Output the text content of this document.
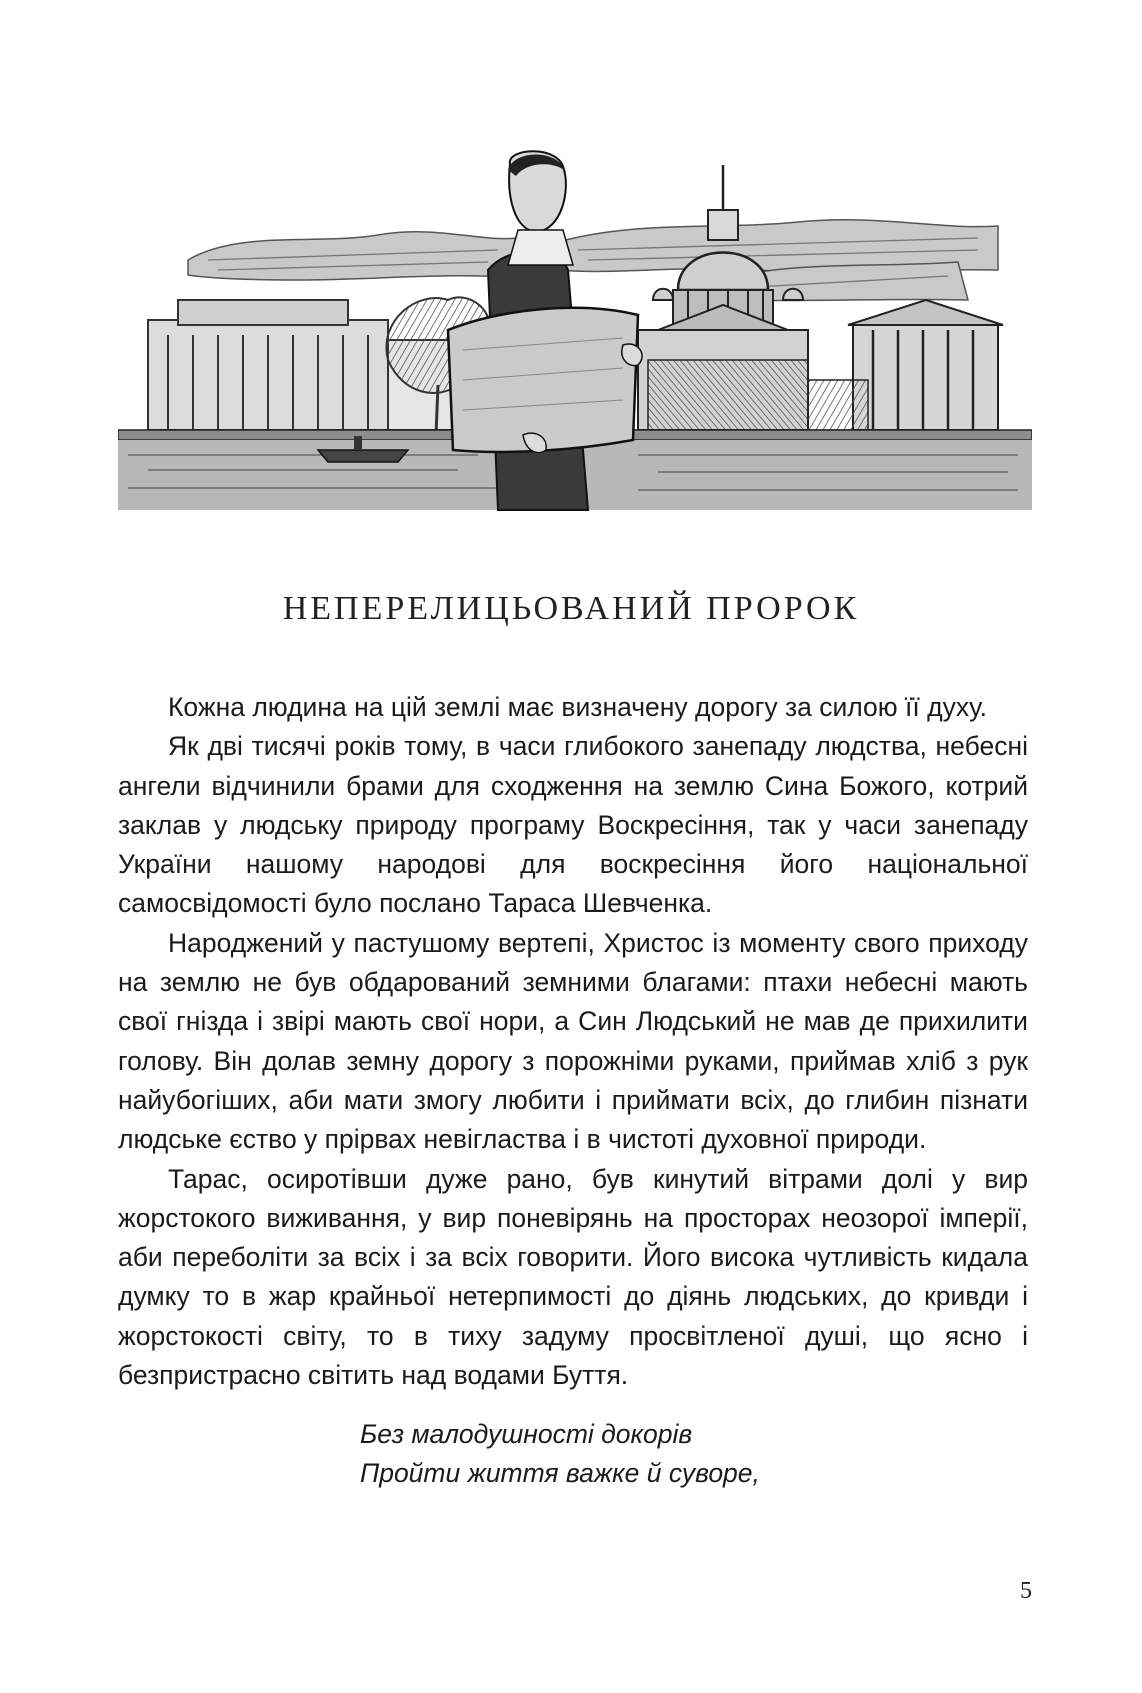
НЕПЕРЕЛИЦЬОВАНИЙ ПРОРОК

Кожна людина на цій землі має визначену дорогу за силою її духу.

Як дві тисячі років тому, в часи глибокого занепаду людства, небесні ангели відчинили брами для сходження на землю Сина Божого, котрий заклав у людську природу програму Воскресіння, так у часи занепаду України нашому народові для воскресіння його національної самосвідомості було послано Тараса Шевченка.

Народжений у пастушому вертепі, Христос із моменту свого приходу на землю не був обдарований земними благами: птахи небесні мають свої гнізда і звірі мають свої нори, а Син Людський не мав де прихилити голову. Він долав земну дорогу з порожніми руками, приймав хліб з рук найубогіших, аби мати змогу любити і приймати всіх, до глибин пізнати людське єство у прірвах невігластва і в чистоті духовної природи.

Тарас, осиротівши дуже рано, був кинутий вітрами долі у вир жорстокого виживання, у вир поневірянь на просторах неозорої імперії, аби переболіти за всіх і за всіх говорити. Його висока чутливість кидала думку то в жар крайньої нетерпимості до діянь людських, до кривди і жорстокості світу, то в тиху задуму просвітленої душі, що ясно і безпристрасно світить над водами Буття.

Без малодушності докорів
Пройти життя важке й суворе,
5
